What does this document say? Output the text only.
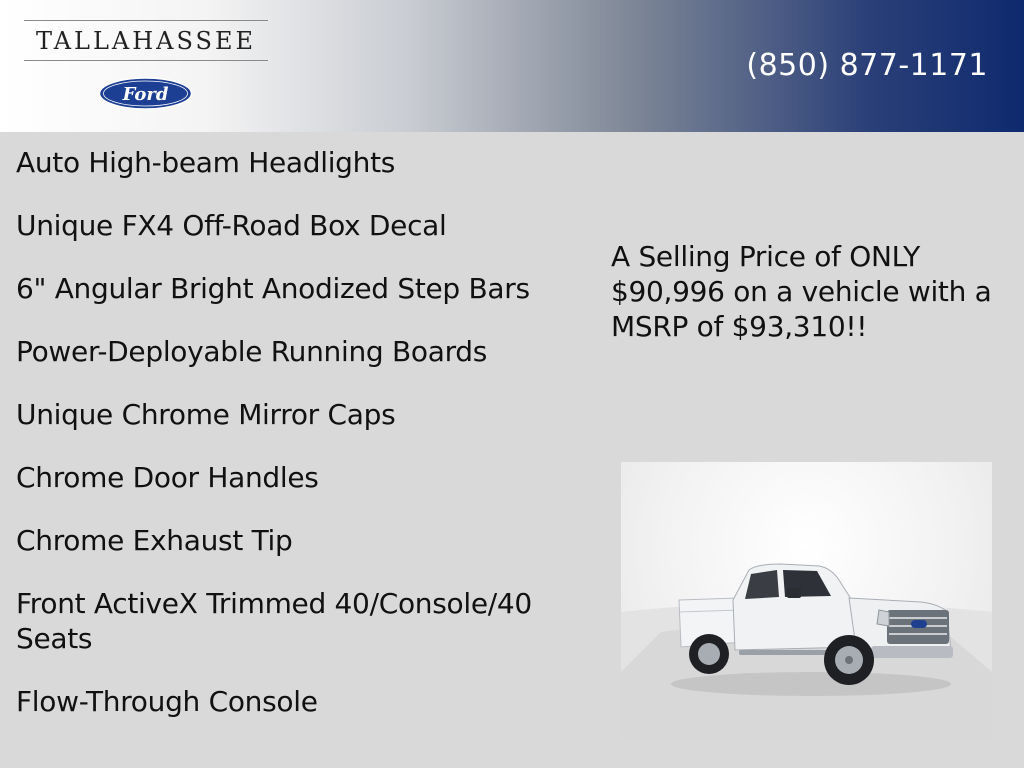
TALLAHASSEE
Ford
(850) 877-1171
Auto High-beam Headlights
Unique FX4 Off-Road Box Decal
6" Angular Bright Anodized Step Bars
Power-Deployable Running Boards
Unique Chrome Mirror Caps
Chrome Door Handles
Chrome Exhaust Tip
Front ActiveX Trimmed 40/Console/40 Seats
Flow-Through Console
A Selling Price of ONLY $90,996 on a vehicle with a MSRP of $93,310!!
